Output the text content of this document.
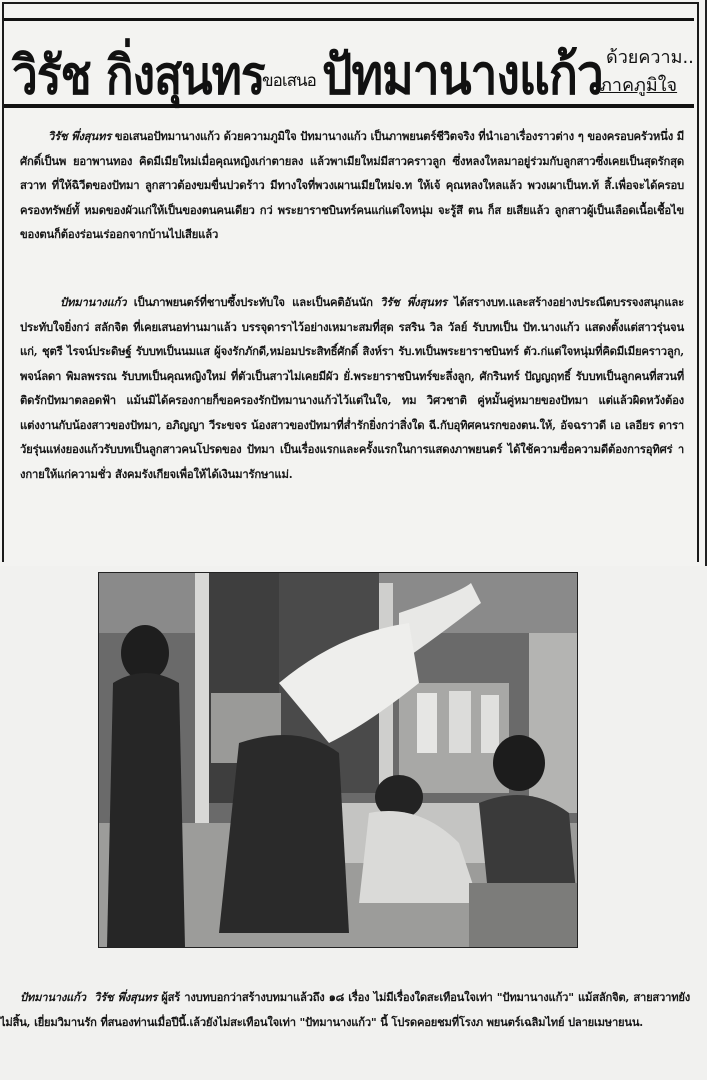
วิรัช กิ่งสุนทร
ขอเสนอ ปัทมานางแก้ว ด้วยความ..
ภาคภูมิใจ

วิรัช พึ่งสุนทร ขอเสนอปัทมานางแก้ว ด้วยความภูมิใจ ปัทมานางแก้ว เป็นภาพยนตร์ชีวิตจริง ที่นำเอาเรื่องราวต่าง ๆ ของครอบครัวหนึ่ง มีศักดิ์เป็นพ ยอาพานทอง คิดมีเมียใหม่เมื่อคุณหญิงเก่าตายลง แล้วพาเมียใหม่มีสาวคราวลูก ซึ่งหลงใหลมาอยู่ร่วมกับลูกสาวซึ่งเคยเป็นสุดรักสุดสวาท ที่ให้ฉิวีตของปัทมา ลูกสาวต้องขมขื่นปวดร้าว มีทางใจที่พวงเผานเมียใหม่จ.ท ให้เจ้ คุณหลงใหลแล้ว พวงเผาเป็นท.ท้ สิ้.เพื่อจะได้ครอบครองทรัพย์ทั้ หมดของผัวแก่ให้เป็นของตนคนเดียว กว่ พระยาราชบินทร์คนแก่แต่ใจหนุ่ม จะรู้สึ ตน ก็ส ยเสียแล้ว ลูกสาวผู้เป็นเลือดเนื้อเชื้อไขของตนก็ต้องร่อนเร่ออกจากบ้านไปเสียแล้ว

ปัทมานางแก้ว เป็นภาพยนตร์ที่ชาบซึ้งประทับใจ และเป็นคติอันนัก วิรัช พึ่งสุนทร ได้สรางบท.และสร้างอย่างประณีตบรรจงสนุกและประทับใจยิ่งกว่ สลักจิต ที่เคยเสนอท่านมาแล้ว บรรจุดาราไว้อย่างเหมาะสมที่สุด รสริน วิล วัลย์ รับบทเป็น ปัท.นางแก้ว แสดงตั้งแต่สาวรุ่นจนแก่, ชุตรี ไรจน์ประดิษฐ์ รับบทเป็นนมแส ผู้จงรักภักดี,หม่อมประสิทธิ์ศักดิ์ สิงห์รา รับ.ทเป็นพระยาราชบินทร์ ตัว.ก่แต่ใจหนุ่มที่คิดมีเมียคราวลูก, พจน์ลดา พิมลพรรณ รับบทเป็นคุณหญิงใหม่ ที่ตัวเป็นสาวไม่เคยมีผัว ยั่.พระยาราชบินทร์ขะลึ่งลูก, ศักรินทร์ ปัญญฤทธิ์ รับบทเป็นลูกคนที่สวนที่ติดรักปัทมาตลอดฟ้า แม้นมิได้ครองกายก็ขอครองรักปัทมานางแก้วไว้แต่ในใจ, ทม วิศวชาติ คู่หมั้นคู่หมายของปัทมา แต่แล้วผิดหวังต้องแต่งงานกับน้องสาวของปัทมา, อภิญญา วีระขจร น้องสาวของปัทมาที่ส่ำรักยิ่งกว่าสิ่งใด ฉี.กับอุทิศคนรกของตน.ให้, อัจฉราวดี เอ เลอียร ดาราวัยรุ่นแห่งยองแก้วรับบทเป็นลูกสาวคนโปรดของ ปัทมา เป็นเรื่องแรกและครั้งแรกในการแสดงภาพยนตร์ ได้ใช้ความซื่อความดีต้องการอุทิศร่ างกายให้แก่ความชั่ว สังคมรังเกียจเพื่อให้ได้เงินมารักษาแม่.

ปัทมานางแก้ว วิรัช พึ่งสุนทร ผู้สร้ างบทบอกว่าสร้างบทมาแล้วถึง ๑๘ เรื่อง ไม่มีเรื่องใดสะเทือนใจเท่า "ปัทมานางแก้ว" แม้สลักจิต, สายสวาทยังไม่สิ้น, เยี่ยมวิมานรัก ที่สนองท่านเมื่อปีนี้.เล้วยังไม่สะเทือนใจเท่า "ปัทมานางแก้ว" นี้ โปรดคอยชมที่โรงภ พยนตร์เฉลิมไทย์ ปลายเมษายนน.
